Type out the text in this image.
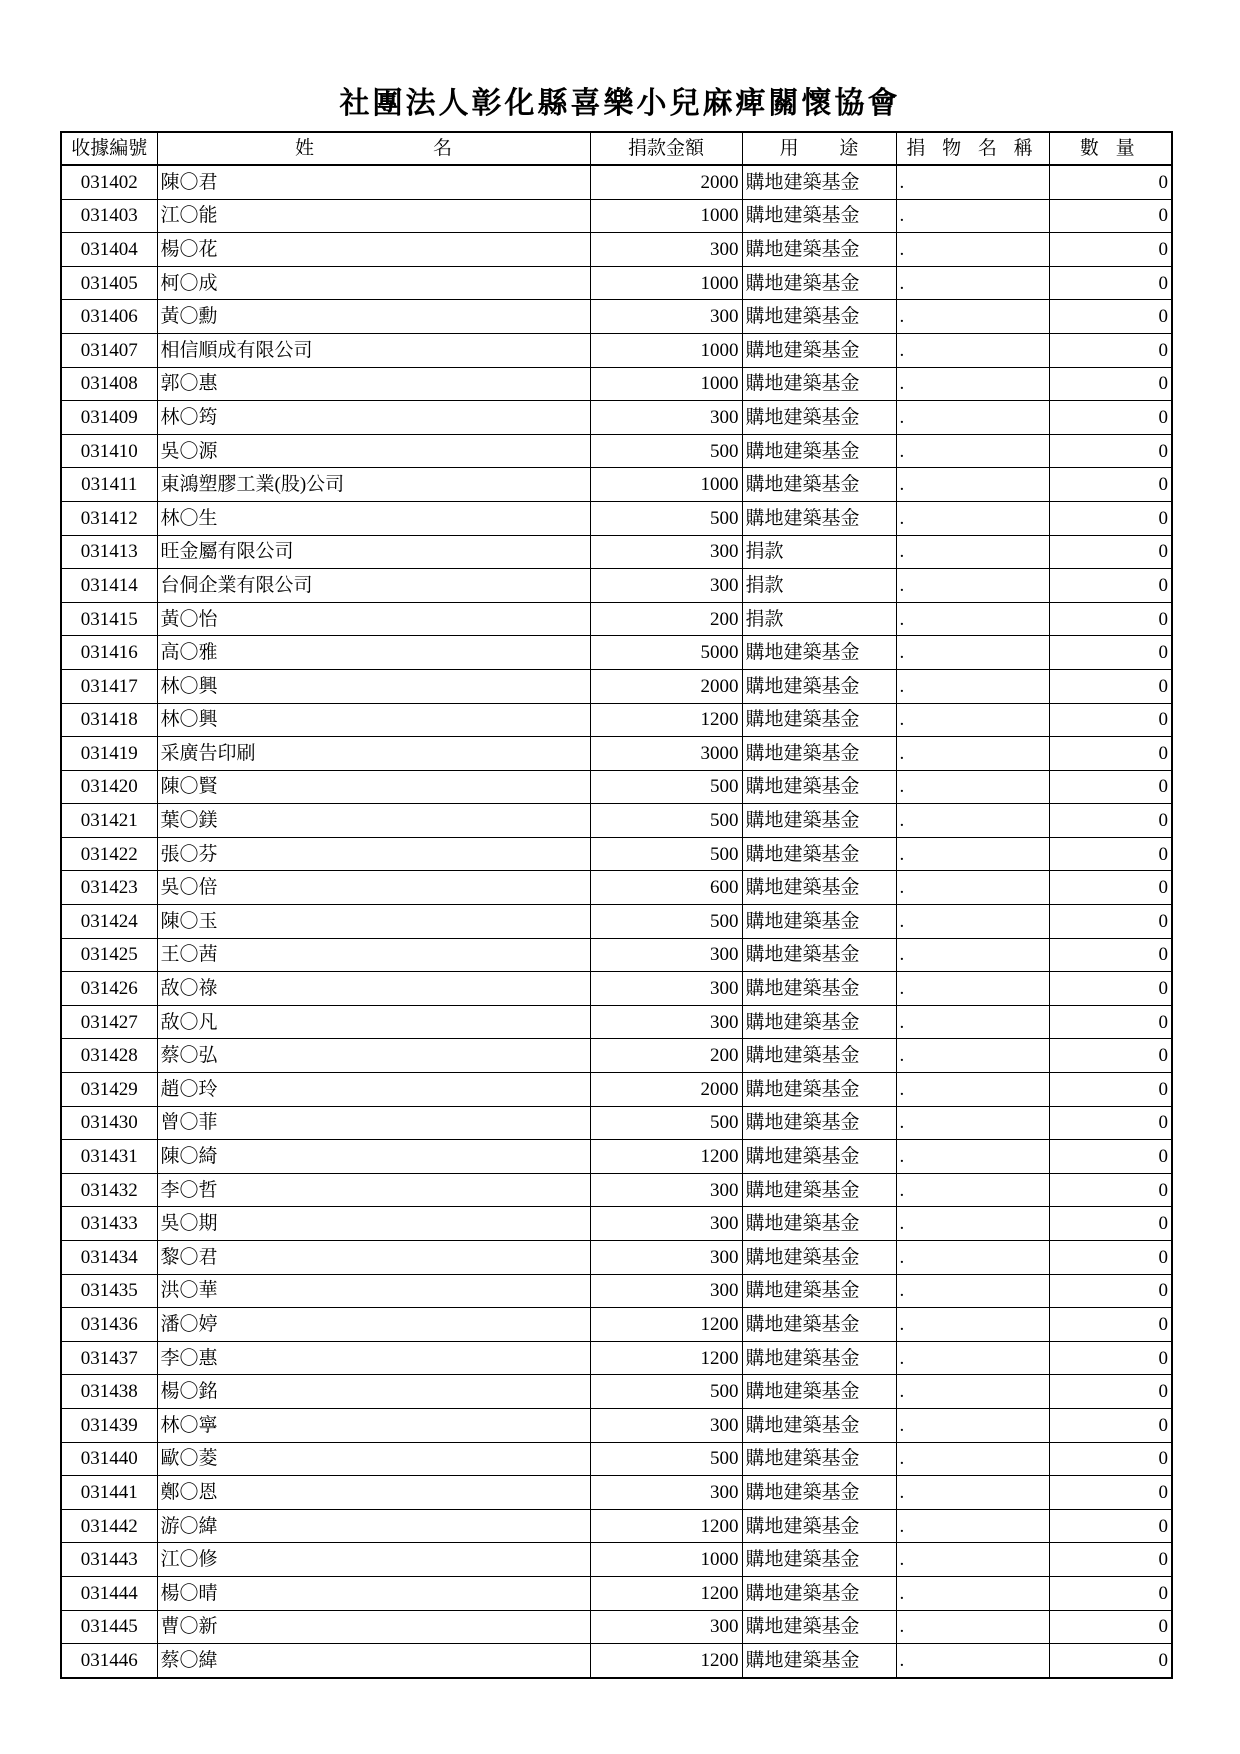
社團法人彰化縣喜樂小兒麻痺關懷協會
收據編號	姓　名	捐款金額	用 途	捐 物 名 稱	數 量
031402	陳〇君	2000	購地建築基金	.	0
031403	江〇能	1000	購地建築基金	.	0
031404	楊〇花	300	購地建築基金	.	0
031405	柯〇成	1000	購地建築基金	.	0
031406	黃〇勳	300	購地建築基金	.	0
031407	相信順成有限公司	1000	購地建築基金	.	0
031408	郭〇惠	1000	購地建築基金	.	0
031409	林〇筠	300	購地建築基金	.	0
031410	吳〇源	500	購地建築基金	.	0
031411	東鴻塑膠工業(股)公司	1000	購地建築基金	.	0
031412	林〇生	500	購地建築基金	.	0
031413	旺金屬有限公司	300	捐款	.	0
031414	台侗企業有限公司	300	捐款	.	0
031415	黃〇怡	200	捐款	.	0
031416	高〇雅	5000	購地建築基金	.	0
031417	林〇興	2000	購地建築基金	.	0
031418	林〇興	1200	購地建築基金	.	0
031419	采廣告印刷	3000	購地建築基金	.	0
031420	陳〇賢	500	購地建築基金	.	0
031421	葉〇鎂	500	購地建築基金	.	0
031422	張〇芬	500	購地建築基金	.	0
031423	吳〇倍	600	購地建築基金	.	0
031424	陳〇玉	500	購地建築基金	.	0
031425	王〇茜	300	購地建築基金	.	0
031426	敌〇祿	300	購地建築基金	.	0
031427	敌〇凡	300	購地建築基金	.	0
031428	蔡〇弘	200	購地建築基金	.	0
031429	趙〇玲	2000	購地建築基金	.	0
031430	曾〇菲	500	購地建築基金	.	0
031431	陳〇綺	1200	購地建築基金	.	0
031432	李〇哲	300	購地建築基金	.	0
031433	吳〇期	300	購地建築基金	.	0
031434	黎〇君	300	購地建築基金	.	0
031435	洪〇華	300	購地建築基金	.	0
031436	潘〇婷	1200	購地建築基金	.	0
031437	李〇惠	1200	購地建築基金	.	0
031438	楊〇銘	500	購地建築基金	.	0
031439	林〇寧	300	購地建築基金	.	0
031440	歐〇菱	500	購地建築基金	.	0
031441	鄭〇恩	300	購地建築基金	.	0
031442	游〇緯	1200	購地建築基金	.	0
031443	江〇修	1000	購地建築基金	.	0
031444	楊〇晴	1200	購地建築基金	.	0
031445	曹〇新	300	購地建築基金	.	0
031446	蔡〇緯	1200	購地建築基金	.	0
